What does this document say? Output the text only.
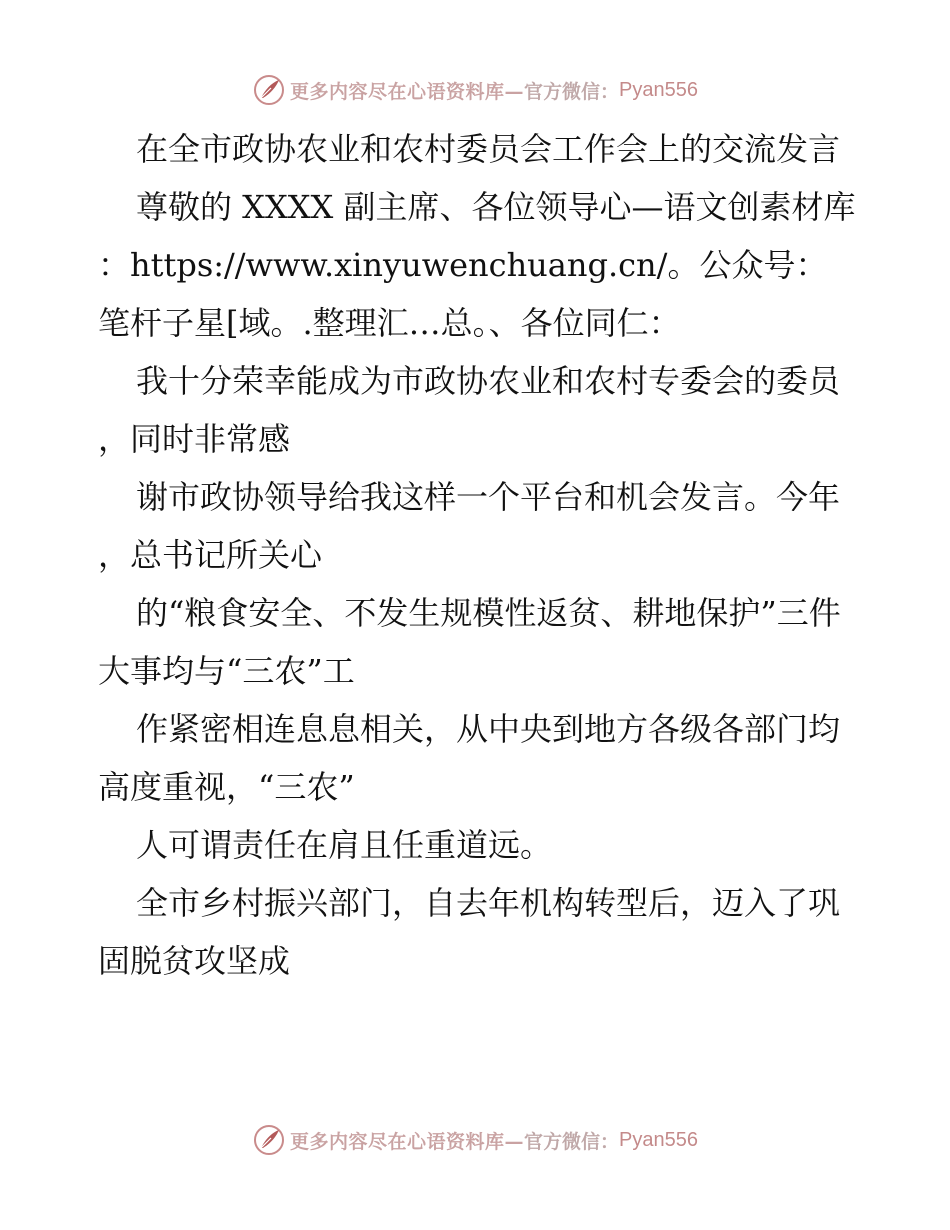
更多内容尽在心语资料库— 官方微信： Pyan556

在全市政协农业和农村委员会工作会上的交流发言

尊敬的 XXXX 副主席、各位领导心—语文创素材库：https://www.xinyuwenchuang.cn/。公众号：笔杆子星[域。.整理汇…总。、各位同仁：

我十分荣幸能成为市政协农业和农村专委会的委员，同时非常感

谢市政协领导给我这样一个平台和机会发言。今年，总书记所关心

的“粮食安全、不发生规模性返贫、耕地保护”三件大事均与“三农”工

作紧密相连息息相关，从中央到地方各级各部门均高度重视，“三农”

人可谓责任在肩且任重道远。

全市乡村振兴部门，自去年机构转型后，迈入了巩固脱贫攻坚成

更多内容尽在心语资料库— 官方微信： Pyan556
